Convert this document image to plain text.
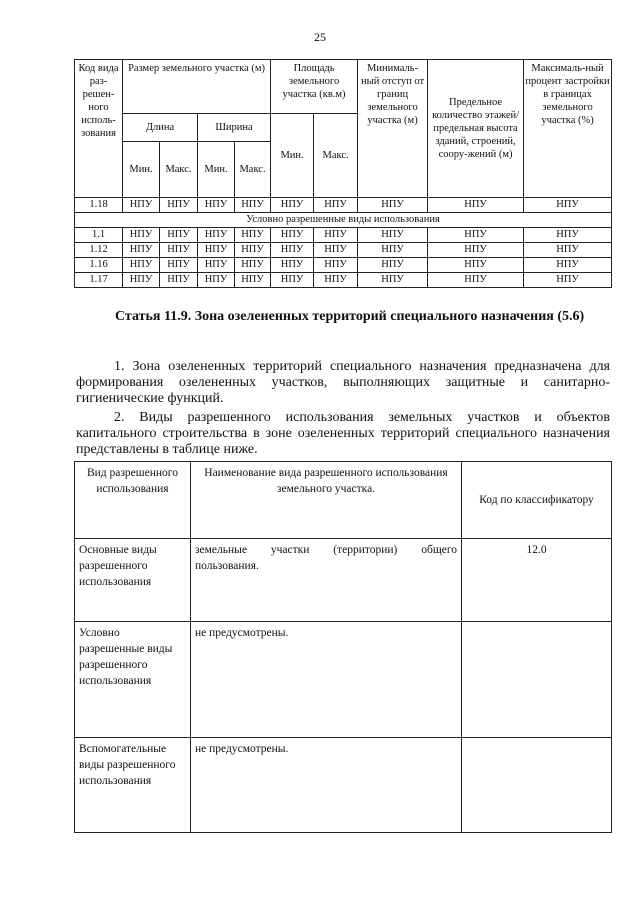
25
Код вида раз-решен-ного исполь-зования	Размер земельного участка (м)				Площадь земельного участка (кв.м)		Минималь-ный отступ от границ земельного участка (м)	Предельное количество этажей/ предельная высота зданий, строений, соору-жений (м)	Максималь-ный процент застройки в границах земельного участка (%)
	Длина		Ширина		Мин.	Макс.			
	Мин.	Макс.	Мин.	Макс.					
1.18	НПУ	НПУ	НПУ	НПУ	НПУ	НПУ	НПУ	НПУ	НПУ
Условно разрешенные виды использования									
1.1	НПУ	НПУ	НПУ	НПУ	НПУ	НПУ	НПУ	НПУ	НПУ
1.12	НПУ	НПУ	НПУ	НПУ	НПУ	НПУ	НПУ	НПУ	НПУ
1.16	НПУ	НПУ	НПУ	НПУ	НПУ	НПУ	НПУ	НПУ	НПУ
1.17	НПУ	НПУ	НПУ	НПУ	НПУ	НПУ	НПУ	НПУ	НПУ
Статья 11.9. Зона озелененных территорий специального назначения (5.6)
1. Зона озелененных территорий специального назначения предназначена для формирования озелененных участков, выполняющих защитные и санитарно-гигиенические функций.
2. Виды разрешенного использования земельных участков и объектов капитального строительства в зоне озелененных территорий специального назначения представлены в таблице ниже.
Вид разрешенного использования	Наименование вида разрешенного использования земельного участка.	Код по классификатору
Основные виды разрешенного использования	земельные участки (территории) общего пользования.	12.0
Условно разрешенные виды разрешенного использования	не предусмотрены.	
Вспомогательные виды разрешенного использования	не предусмотрены.	
